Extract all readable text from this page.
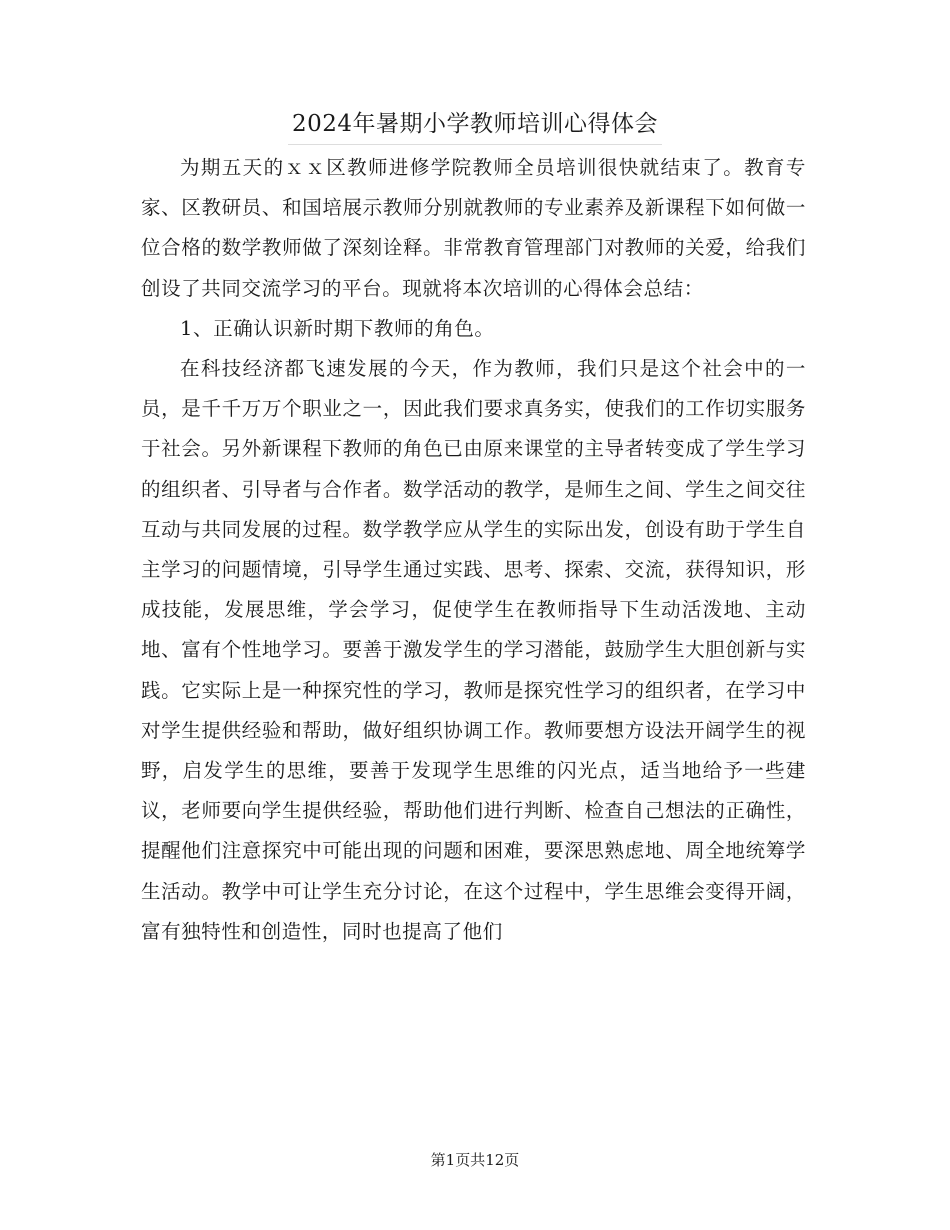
2024年暑期小学教师培训心得体会

为期五天的ｘｘ区教师进修学院教师全员培训很快就结束了。教育专家、区教研员、和国培展示教师分别就教师的专业素养及新课程下如何做一位合格的数学教师做了深刻诠释。非常教育管理部门对教师的关爱，给我们创设了共同交流学习的平台。现就将本次培训的心得体会总结：

1、正确认识新时期下教师的角色。

在科技经济都飞速发展的今天，作为教师，我们只是这个社会中的一员，是千千万万个职业之一，因此我们要求真务实，使我们的工作切实服务于社会。另外新课程下教师的角色已由原来课堂的主导者转变成了学生学习的组织者、引导者与合作者。数学活动的教学，是师生之间、学生之间交往互动与共同发展的过程。数学教学应从学生的实际出发，创设有助于学生自主学习的问题情境，引导学生通过实践、思考、探索、交流，获得知识，形成技能，发展思维，学会学习，促使学生在教师指导下生动活泼地、主动地、富有个性地学习。要善于激发学生的学习潜能，鼓励学生大胆创新与实践。它实际上是一种探究性的学习，教师是探究性学习的组织者，在学习中对学生提供经验和帮助，做好组织协调工作。教师要想方设法开阔学生的视野，启发学生的思维，要善于发现学生思维的闪光点，适当地给予一些建议，老师要向学生提供经验，帮助他们进行判断、检查自己想法的正确性，提醒他们注意探究中可能出现的问题和困难，要深思熟虑地、周全地统筹学生活动。教学中可让学生充分讨论，在这个过程中，学生思维会变得开阔，富有独特性和创造性，同时也提高了他们

第1页共12页
